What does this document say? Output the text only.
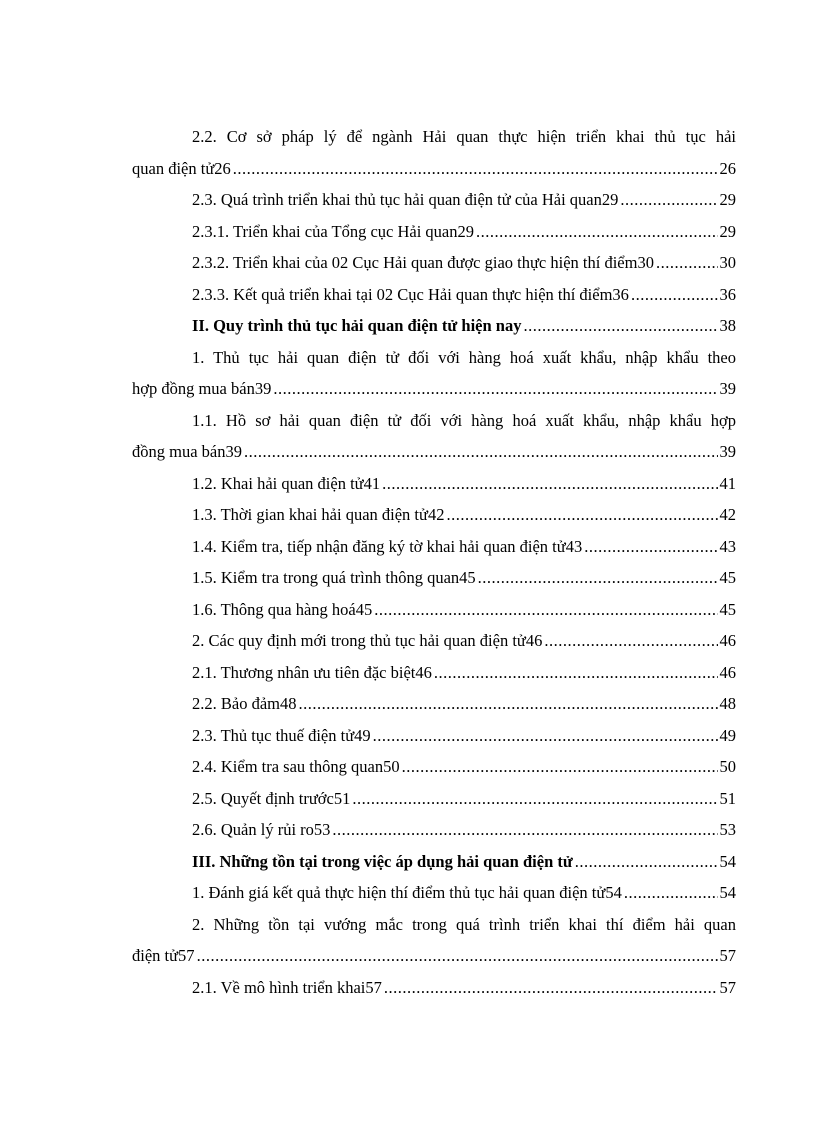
2.2. Cơ sở pháp lý để ngành Hải quan thực hiện triển khai thủ tục hải
quan điện tử26 .....	26
2.3. Quá trình triển khai thủ tục hải quan điện tử của Hải quan29 .....	29
2.3.1. Triển khai của Tổng cục Hải quan29 .....	29
2.3.2. Triển khai của 02 Cục Hải quan được giao thực hiện thí điểm30 .....	30
2.3.3. Kết quả triển khai tại 02 Cục Hải quan thực hiện thí điểm36 .....	36
II. Quy trình thủ tục hải quan điện tử hiện nay .....	38
1. Thủ tục hải quan điện tử đối với hàng hoá xuất khẩu, nhập khẩu theo
hợp đồng mua bán39 .....	39
1.1. Hồ sơ hải quan điện tử đối với hàng hoá xuất khẩu, nhập khẩu hợp
đồng mua bán39 .....	39
1.2. Khai hải quan điện tử41 .....	41
1.3. Thời gian khai hải quan điện tử42 .....	42
1.4. Kiểm tra, tiếp nhận đăng ký tờ khai hải quan điện tử43 .....	43
1.5. Kiểm tra trong quá trình thông quan45 .....	45
1.6. Thông qua hàng hoá45 .....	45
2. Các quy định mới trong thủ tục hải quan điện tử46 .....	46
2.1. Thương nhân ưu tiên đặc biệt46 .....	46
2.2. Bảo đảm48 .....	48
2.3. Thủ tục thuế điện tử49 .....	49
2.4. Kiểm tra sau thông quan50 .....	50
2.5. Quyết định trước51 .....	51
2.6. Quản lý rủi ro53 .....	53
III. Những tồn tại trong việc áp dụng hải quan điện tử .....	54
1. Đánh giá kết quả thực hiện thí điểm thủ tục hải quan điện tử54 .....	54
2. Những tồn tại vướng mắc trong quá trình triển khai thí điểm hải quan
điện tử57 .....	57
2.1. Về mô hình triển khai57 .....	57
